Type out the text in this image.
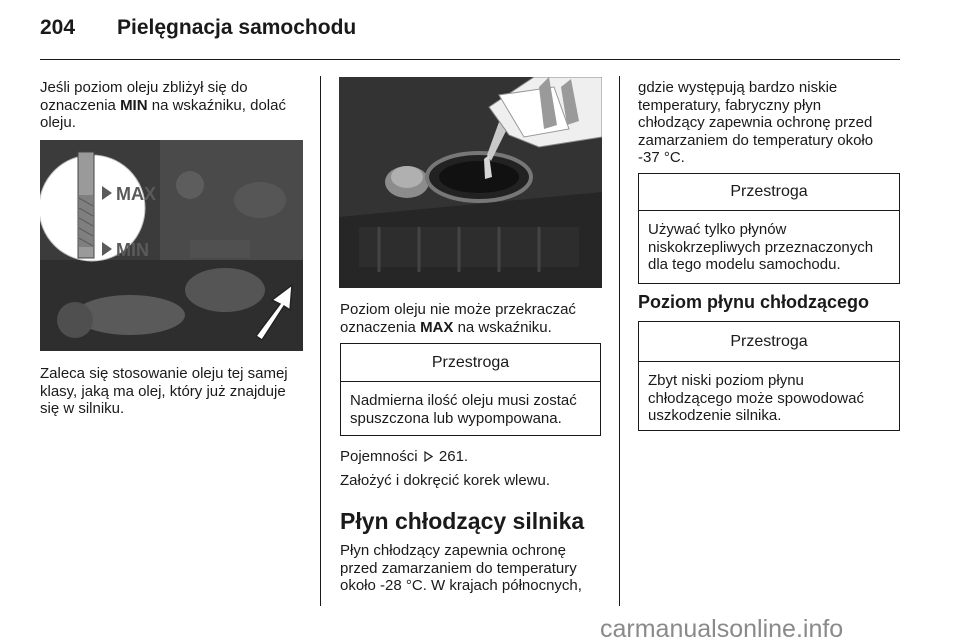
204 Pielęgnacja samochodu

Jeśli poziom oleju zbliżył się do
oznaczenia MIN na wskaźniku, dolać
oleju.

MAX
MIN

Zaleca się stosowanie oleju tej samej
klasy, jaką ma olej, który już znajduje
się w silniku.

Poziom oleju nie może przekraczać
oznaczenia MAX na wskaźniku.

Przestroga

Nadmierna ilość oleju musi zostać
spuszczona lub wypompowana.

Pojemności 261.

Założyć i dokręcić korek wlewu.

Płyn chłodzący silnika

Płyn chłodzący zapewnia ochronę
przed zamarzaniem do temperatury
około -28 °C. W krajach północnych,

gdzie występują bardzo niskie
temperatury, fabryczny płyn
chłodzący zapewnia ochronę przed
zamarzaniem do temperatury około
-37 °C.

Przestroga

Używać tylko płynów
niskokrzepliwych przeznaczonych
dla tego modelu samochodu.

Poziom płynu chłodzącego

Przestroga

Zbyt niski poziom płynu
chłodzącego może spowodować
uszkodzenie silnika.

carmanualsonline.info
